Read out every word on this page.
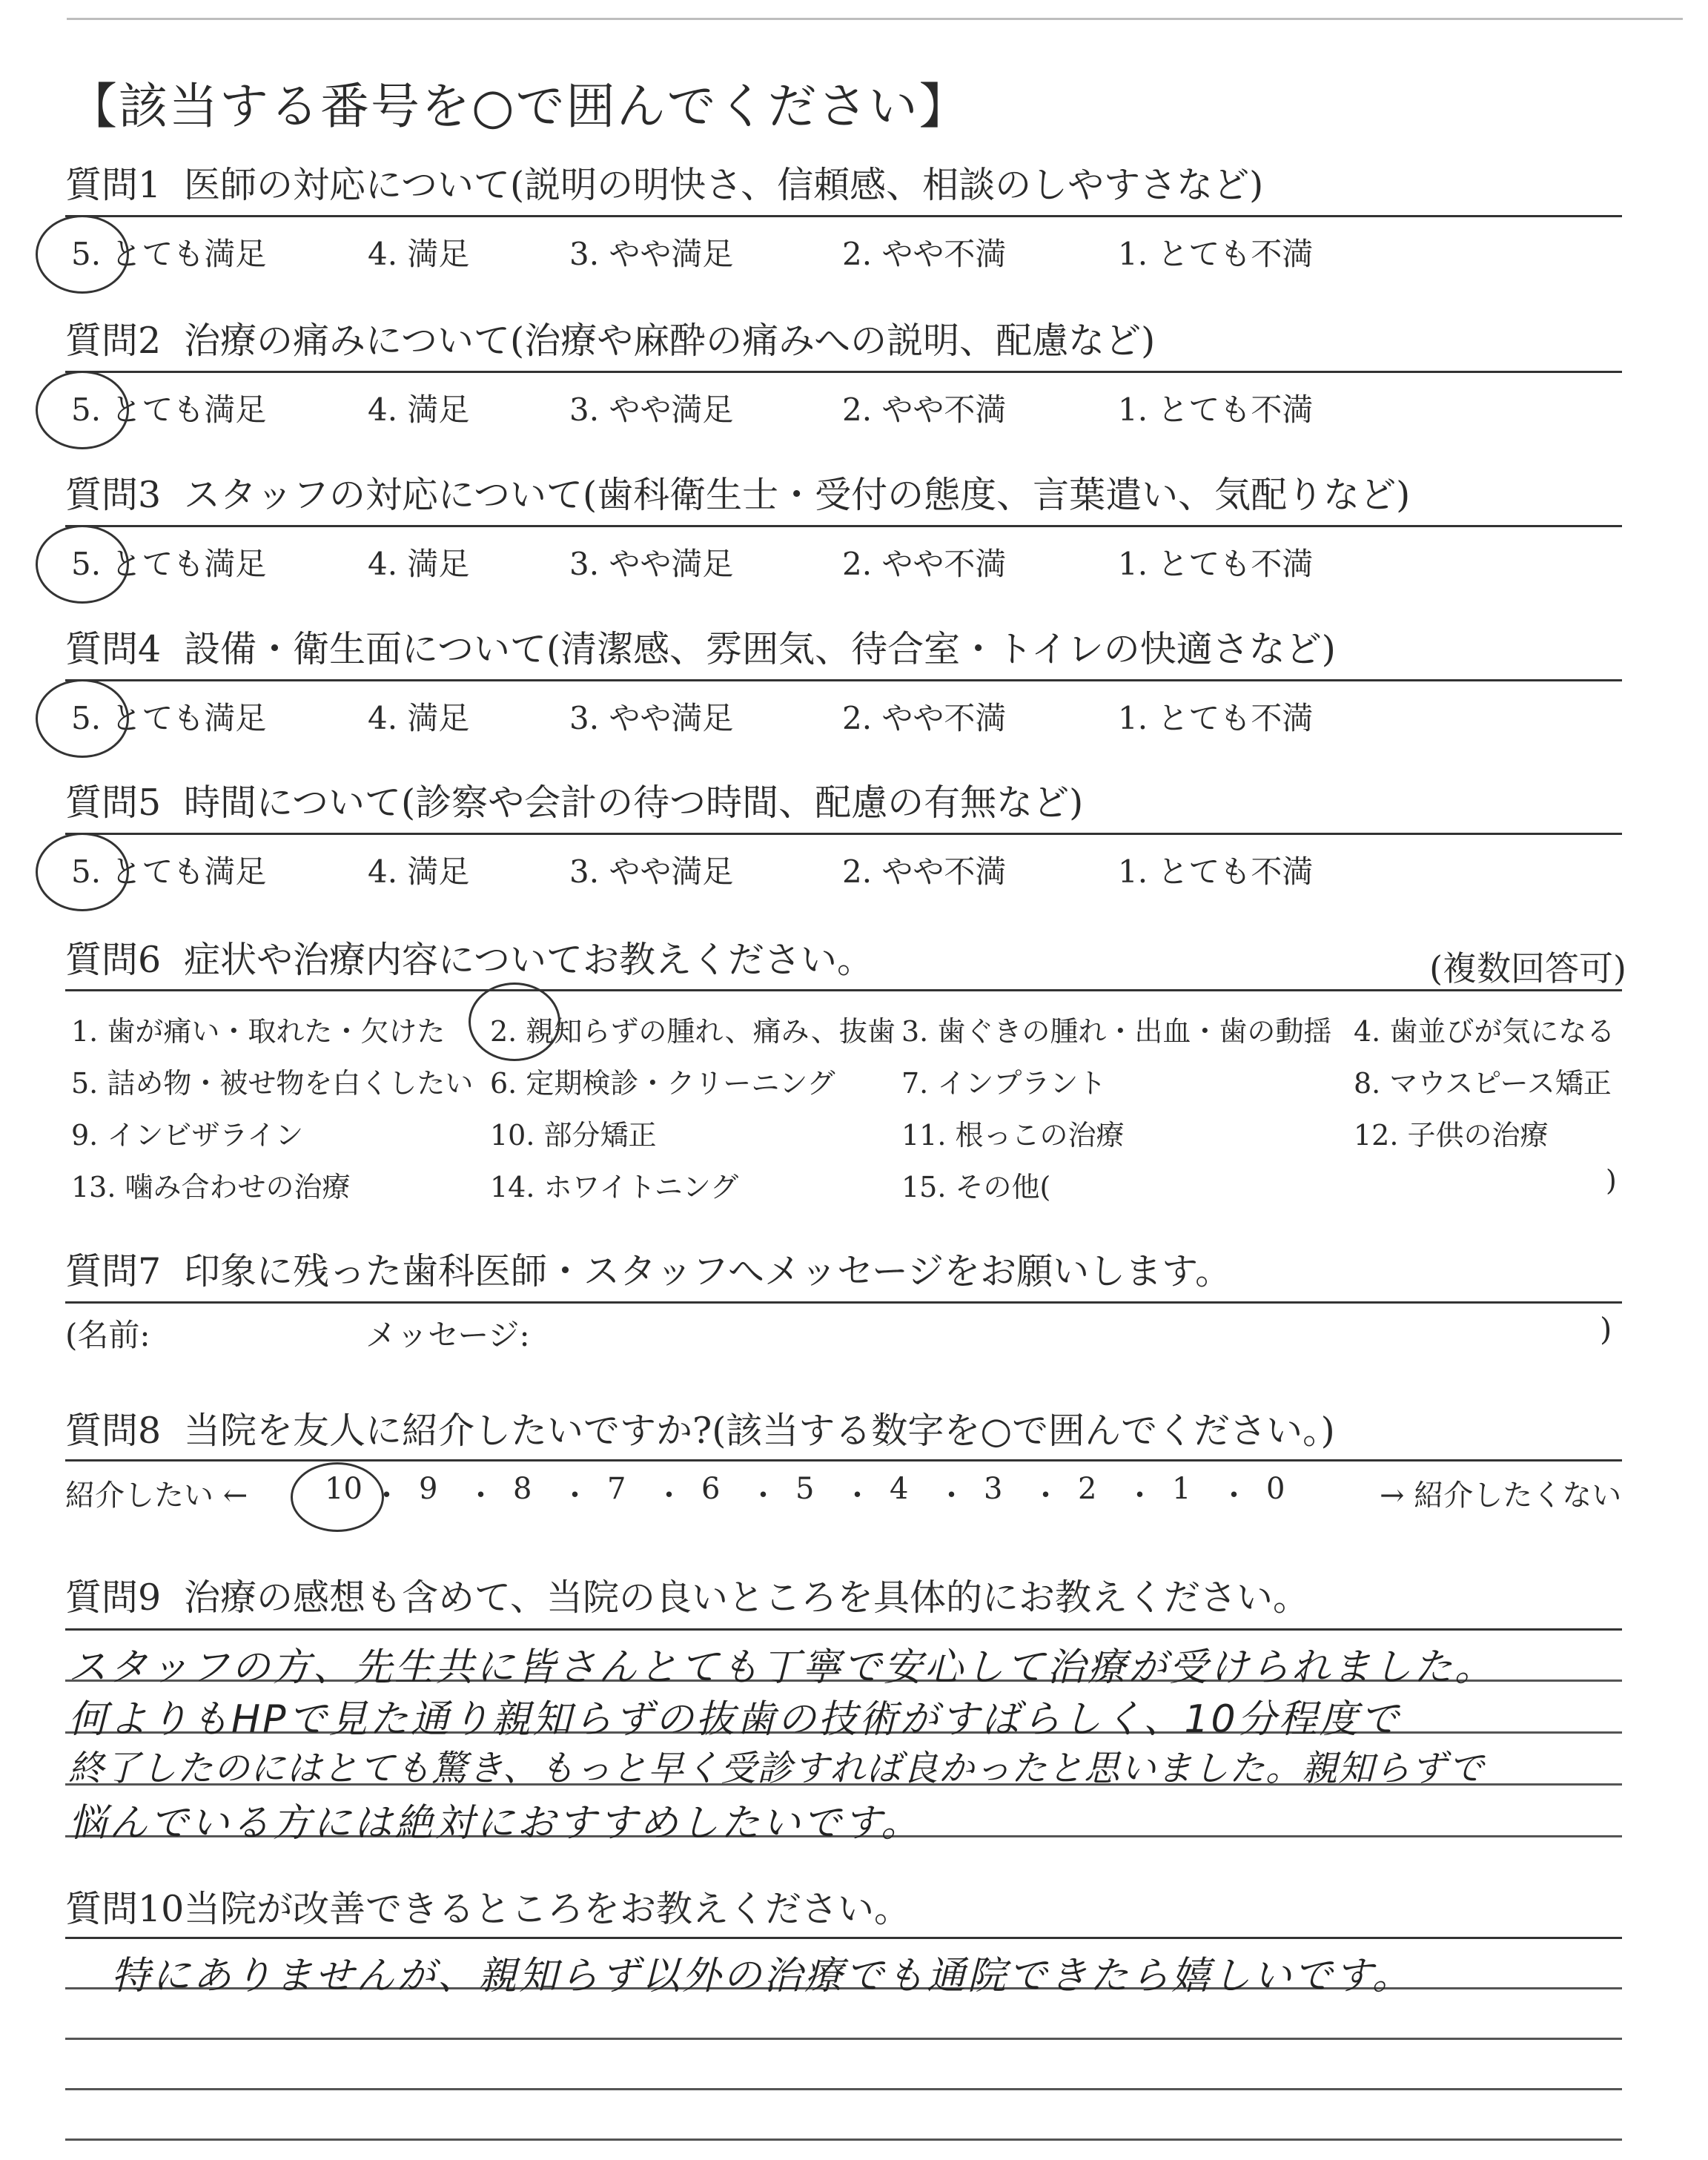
【該当する番号を○で囲んでください】
質問1 医師の対応について(説明の明快さ、信頼感、相談のしやすさなど)
5. とても満足	4. 満足	3. やや満足	2. やや不満	1. とても不満
質問2 治療の痛みについて(治療や麻酔の痛みへの説明、配慮など)
5. とても満足	4. 満足	3. やや満足	2. やや不満	1. とても不満
質問3 スタッフの対応について(歯科衛生士・受付の態度、言葉遣い、気配りなど)
5. とても満足	4. 満足	3. やや満足	2. やや不満	1. とても不満
質問4 設備・衛生面について(清潔感、雰囲気、待合室・トイレの快適さなど)
5. とても満足	4. 満足	3. やや満足	2. やや不満	1. とても不満
質問5 時間について(診察や会計の待つ時間、配慮の有無など)
5. とても満足	4. 満足	3. やや満足	2. やや不満	1. とても不満
質問6 症状や治療内容についてお教えください。	(複数回答可)
1. 歯が痛い・取れた・欠けた 2. 親知らずの腫れ、痛み、抜歯 3. 歯ぐきの腫れ・出血・歯の動揺 4. 歯並びが気になる
5. 詰め物・被せ物を白くしたい 6. 定期検診・クリーニング 7. インプラント	8. マウスピース矯正
9. インビザライン	10. 部分矯正	11. 根っこの治療	12. 子供の治療
13. 噛み合わせの治療	14. ホワイトニング	15. その他(	)
質問7 印象に残った歯科医師・スタッフへメッセージをお願いします。
(名前:	メッセージ:	)
質問8 当院を友人に紹介したいですか?(該当する数字を○で囲んでください。)
紹介したい ←	→ 紹介したくない
10 ・ 9 ・ 8 ・ 7 ・ 6 ・ 5 ・ 4 ・ 3 ・ 2 ・ 1 ・ 0
質問9 治療の感想も含めて、当院の良いところを具体的にお教えください。
スタッフの方、先生共に皆さんとても丁寧で安心して治療が受けられました。
何よりもHPで見た通り親知らずの抜歯の技術がすばらしく、10分程度で
終了したのにはとても驚き、もっと早く受診すれば良かったと思いました。親知らずで
悩んでいる方には絶対におすすめしたいです。
質問10当院が改善できるところをお教えください。
特にありませんが、親知らず以外の治療でも通院できたら嬉しいです。
